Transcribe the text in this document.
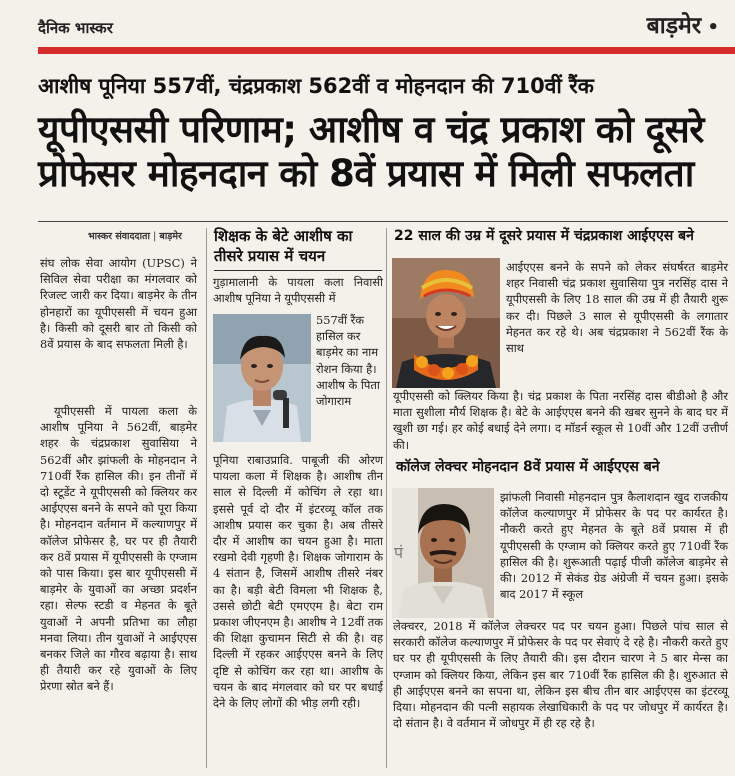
दैनिक भास्कर	बाड़मेर •
आशीष पूनिया 557वीं, चंद्रप्रकाश 562वीं व मोहनदान की 710वीं रैंक
यूपीएससी परिणाम; आशीष व चंद्र प्रकाश को दूसरे
प्रोफेसर मोहनदान को 8वें प्रयास में मिली सफलता
भास्कर संवाददाता | बाड़मेर
संघ लोक सेवा आयोग (UPSC) ने सिविल सेवा परीक्षा का मंगलवार को रिजल्ट जारी कर दिया। बाड़मेर के तीन होनहारों का यूपीएससी में चयन हुआ है। किसी को दूसरी बार तो किसी को 8वें प्रयास के बाद सफलता मिली है।
यूपीएससी में पायला कला के आशीष पूनिया ने 562वीं, बाड़मेर शहर के चंद्रप्रकाश सुवासिया ने 562वीं और झांफली के मोहनदान ने 710वीं रैंक हासिल की। इन तीनों में दो स्टूडेंट ने यूपीएससी को क्लियर कर आईएएस बनने के सपने को पूरा किया है। मोहनदान वर्तमान में कल्याणपुर में कॉलेज प्रोफेसर है, घर पर ही तैयारी कर 8वें प्रयास में यूपीएससी के एग्जाम को पास किया। इस बार यूपीएससी में बाड़मेर के युवाओं का अच्छा प्रदर्शन रहा। सेल्फ स्टडी व मेहनत के बूते युवाओं ने अपनी प्रतिभा का लौहा मनवा लिया। तीन युवाओं ने आईएएस बनकर जिले का गौरव बढ़ाया है। साथ ही तैयारी कर रहे युवाओं के लिए प्रेरणा स्रोत बने हैं।
शिक्षक के बेटे आशीष का तीसरे प्रयास में चयन
गुड़ामालानी के पायला कला निवासी आशीष पूनिया ने यूपीएससी में
557वीं रैंक हासिल कर बाड़मेर का नाम रोशन किया है। आशीष के पिता जोगाराम
पूनिया राबाउप्रावि. पाबूजी की ओरण पायला कला में शिक्षक है। आशीष तीन साल से दिल्ली में कोचिंग ले रहा था। इससे पूर्व दो दौर में इंटरव्यू कॉल तक आशीष प्रयास कर चुका है। अब तीसरे दौर में आशीष का चयन हुआ है। माता रखमो देवी गृहणी है। शिक्षक जोगाराम के 4 संतान है, जिसमें आशीष तीसरे नंबर का है। बड़ी बेटी विमला भी शिक्षक है, उससे छोटी बेटी एमएएम है। बेटा राम प्रकाश जीएनएम है। आशीष ने 12वीं तक की शिक्षा कुचामन सिटी से की है। वह दिल्ली में रहकर आईएएस बनने के लिए दृष्टि से कोचिंग कर रहा था। आशीष के चयन के बाद मंगलवार को घर पर बधाई देने के लिए लोगों की भीड़ लगी रही।
22 साल की उम्र में दूसरे प्रयास में चंद्रप्रकाश आईएएस बने
आईएएस बनने के सपने को लेकर संघर्षरत बाड़मेर शहर निवासी चंद्र प्रकाश सुवासिया पुत्र नरसिंह दास ने यूपीएससी के लिए 18 साल की उम्र में ही तैयारी शुरू कर दी। पिछले 3 साल से यूपीएससी के लगातार मेहनत कर रहे थे। अब चंद्रप्रकाश ने 562वीं रैंक के साथ
यूपीएससी को क्लियर किया है। चंद्र प्रकाश के पिता नरसिंह दास बीडीओ है और माता सुशीला मौर्य शिक्षक है। बेटे के आईएएस बनने की खबर सुनने के बाद घर में खुशी छा गई। हर कोई बधाई देने लगा। द मॉडर्न स्कूल से 10वीं और 12वीं उत्तीर्ण की।
कॉलेज लेक्चर मोहनदान 8वें प्रयास में आईएएस बने
पं
झांफली निवासी मोहनदान पुत्र कैलाशदान खुद राजकीय कॉलेज कल्याणपुर में प्रोफेसर के पद पर कार्यरत है। नौकरी करते हुए मेहनत के बूते 8वें प्रयास में ही यूपीएससी के एग्जाम को क्लियर करते हुए 710वीं रैंक हासिल की है। शुरूआती पढ़ाई पीजी कॉलेज बाड़मेर से की। 2012 में सेकंड ग्रेड अंग्रेजी में चयन हुआ। इसके बाद 2017 में स्कूल
लेक्चरर, 2018 में कॉलेज लेक्चरर पद पर चयन हुआ। पिछले पांच साल से सरकारी कॉलेज कल्याणपुर में प्रोफेसर के पद पर सेवाएं दे रहे है। नौकरी करते हुए घर पर ही यूपीएससी के लिए तैयारी की। इस दौरान चारण ने 5 बार मेन्स का एग्जाम को क्लियर किया, लेकिन इस बार 710वीं रैंक हासिल की है। शुरुआत से ही आईएएस बनने का सपना था, लेकिन इस बीच तीन बार आईएएस का इंटरव्यू दिया। मोहनदान की पत्नी सहायक लेखाधिकारी के पद पर जोधपुर में कार्यरत है। दो संतान है। वे वर्तमान में जोधपुर में ही रह रहे है।
